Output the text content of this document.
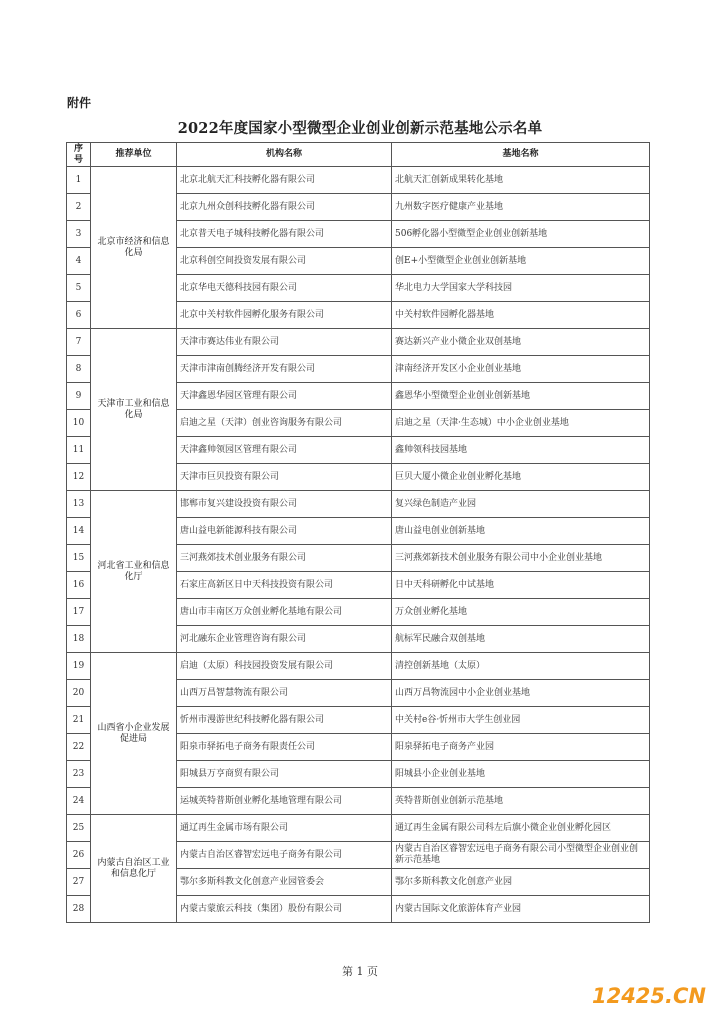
附件
2022年度国家小型微型企业创业创新示范基地公示名单
序号	推荐单位	机构名称	基地名称
1	北京市经济和信息化局	北京北航天汇科技孵化器有限公司	北航天汇创新成果转化基地
2		北京九州众创科技孵化器有限公司	九州数字医疗健康产业基地
3		北京普天电子城科技孵化器有限公司	506孵化器小型微型企业创业创新基地
4		北京科创空间投资发展有限公司	创E+小型微型企业创业创新基地
5		北京华电天德科技园有限公司	华北电力大学国家大学科技园
6		北京中关村软件园孵化服务有限公司	中关村软件园孵化器基地
7	天津市工业和信息化局	天津市赛达伟业有限公司	赛达新兴产业小微企业双创基地
8		天津市津南创腾经济开发有限公司	津南经济开发区小企业创业基地
9		天津鑫恩华园区管理有限公司	鑫恩华小型微型企业创业创新基地
10		启迪之星（天津）创业咨询服务有限公司	启迪之星（天津·生态城）中小企业创业基地
11		天津鑫帅领园区管理有限公司	鑫帅领科技园基地
12		天津市巨贝投资有限公司	巨贝大厦小微企业创业孵化基地
13	河北省工业和信息化厅	邯郸市复兴建设投资有限公司	复兴绿色制造产业园
14		唐山益电新能源科技有限公司	唐山益电创业创新基地
15		三河燕郊技术创业服务有限公司	三河燕郊新技术创业服务有限公司中小企业创业基地
16		石家庄高新区日中天科技投资有限公司	日中天科研孵化中试基地
17		唐山市丰南区万众创业孵化基地有限公司	万众创业孵化基地
18		河北融东企业管理咨询有限公司	航标军民融合双创基地
19	山西省小企业发展促进局	启迪（太原）科技园投资发展有限公司	清控创新基地（太原）
20		山西万昌智慧物流有限公司	山西万昌物流园中小企业创业基地
21		忻州市漫游世纪科技孵化器有限公司	中关村e谷·忻州市大学生创业园
22		阳泉市驿拓电子商务有限责任公司	阳泉驿拓电子商务产业园
23		阳城县万亨商贸有限公司	阳城县小企业创业基地
24		运城英特普斯创业孵化基地管理有限公司	英特普斯创业创新示范基地
25	内蒙古自治区工业和信息化厅	通辽再生金属市场有限公司	通辽再生金属有限公司科左后旗小微企业创业孵化园区
26		内蒙古自治区睿智宏远电子商务有限公司	内蒙古自治区睿智宏远电子商务有限公司小型微型企业创业创新示范基地
27		鄂尔多斯科教文化创意产业园管委会	鄂尔多斯科教文化创意产业园
28		内蒙古蒙旅云科技（集团）股份有限公司	内蒙古国际文化旅游体育产业园
第 1 页
12425.CN
